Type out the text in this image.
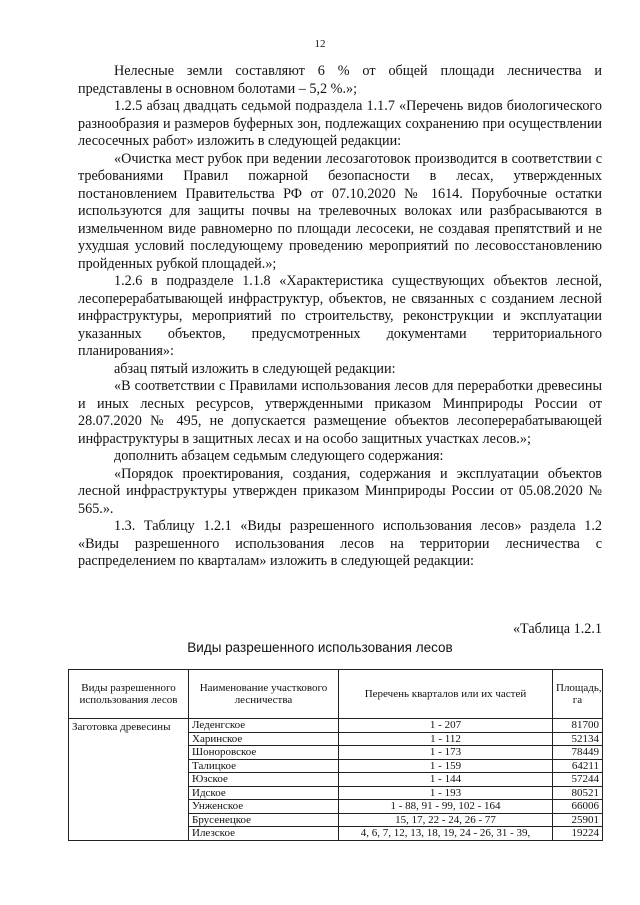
12

Нелесные земли составляют 6 % от общей площади лесничества и представлены в основном болотами – 5,2 %.»;

1.2.5 абзац двадцать седьмой подраздела 1.1.7 «Перечень видов биологического разнообразия и размеров буферных зон, подлежащих сохранению при осуществлении лесосечных работ» изложить в следующей редакции:

«Очистка мест рубок при ведении лесозаготовок производится в соответствии с требованиями Правил пожарной безопасности в лесах, утвержденных постановлением Правительства РФ от 07.10.2020 № 1614. Порубочные остатки используются для защиты почвы на трелевочных волоках или разбрасываются в измельченном виде равномерно по площади лесосеки, не создавая препятствий и не ухудшая условий последующему проведению мероприятий по лесовосстановлению пройденных рубкой площадей.»;

1.2.6 в подразделе 1.1.8 «Характеристика существующих объектов лесной, лесоперерабатывающей инфраструктур, объектов, не связанных с созданием лесной инфраструктуры, мероприятий по строительству, реконструкции и эксплуатации указанных объектов, предусмотренных документами территориального планирования»:

абзац пятый изложить в следующей редакции:

«В соответствии с Правилами использования лесов для переработки древесины и иных лесных ресурсов, утвержденными приказом Минприроды России от 28.07.2020 № 495, не допускается размещение объектов лесоперерабатывающей инфраструктуры в защитных лесах и на особо защитных участках лесов.»;

дополнить абзацем седьмым следующего содержания:

«Порядок проектирования, создания, содержания и эксплуатации объектов лесной инфраструктуры утвержден приказом Минприроды России от 05.08.2020 № 565.».

1.3. Таблицу 1.2.1 «Виды разрешенного использования лесов» раздела 1.2 «Виды разрешенного использования лесов на территории лесничества с распределением по кварталам» изложить в следующей редакции:

«Таблица 1.2.1
Виды разрешенного использования лесов
Виды разрешенного использования лесов	Наименование участкового лесничества	Перечень кварталов или их частей	Площадь, га
Заготовка древесины	Леденгское	1 - 207	81700
	Харинское	1 - 112	52134
	Шоноровское	1 - 173	78449
	Талицкое	1 - 159	64211
	Юзское	1 - 144	57244
	Идское	1 - 193	80521
	Унженское	1 - 88, 91 - 99, 102 - 164	66006
	Брусенецкое	15, 17, 22 - 24, 26 - 77	25901
	Илезское	4, 6, 7, 12, 13, 18, 19, 24 - 26, 31 - 39,	19224
